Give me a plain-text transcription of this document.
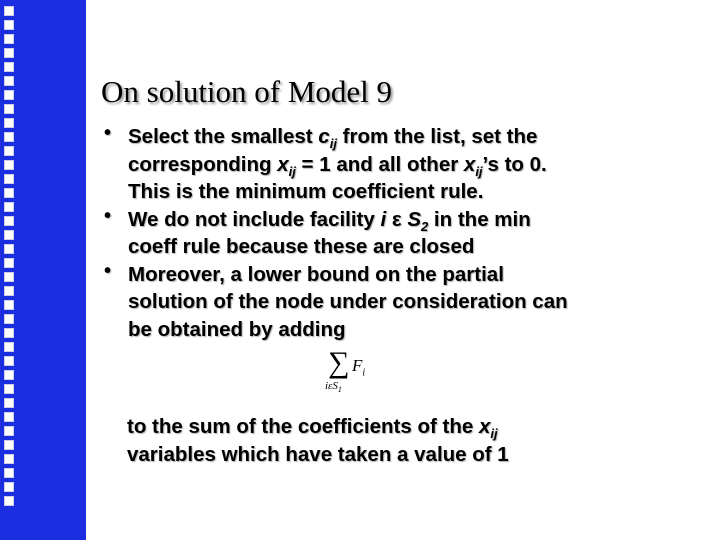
On solution of Model 9
• Select the smallest $c_{ij}$ from the list, set the
corresponding $x_{ij} = 1$ and all other $x_{ij}’s$ to 0.
This is the minimum coefficient rule.
• We do not include facility i ε $S_2$ in the min
coeff rule because these are closed
• Moreover, a lower bound on the partial
solution of the node under consideration can
be obtained by adding
∑ $F_i$
iεS$_1$
to the sum of the coefficients of the $x_{ij}$
variables which have taken a value of 1
